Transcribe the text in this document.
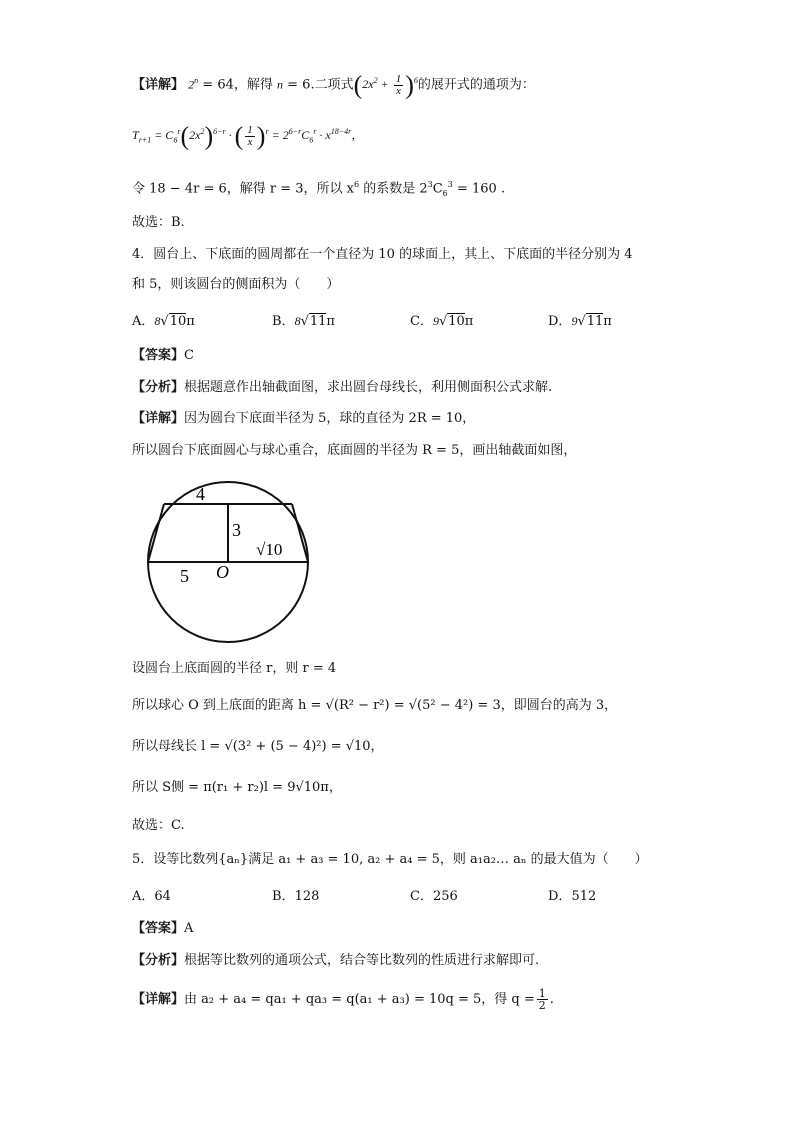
【详解】 $2^n = 64$，解得 n = 6.二项式$(2x^2 + \frac{1}{x} )^6$的展开式的通项为：
$T_{r+1} = C_6^r(2x^2)^{6-r}$ · ( $\frac{1}{x} )^r = 2^{6-r}C_6^r \cdot x^{18-4r}$，
令 18 − 4r = 6，解得 r = 3，所以 $x^6$ 的系数是 $2^3C_6^3 = 160$ .
故选：B.
4．圆台上、下底面的圆周都在一个直径为 10 的球面上，其上、下底面的半径分别为 4
和 5，则该圆台的侧面积为（　　）
A．8√10π	B．8√11π	C．9√10π	D．9√11π
【答案】C
【分析】根据题意作出轴截面图，求出圆台母线长，利用侧面积公式求解.
【详解】因为圆台下底面半径为 5，球的直径为 2R = 10，
所以圆台下底面圆心与球心重合，底面圆的半径为 R = 5，画出轴截面如图，
4
3
√10
5 O
设圆台上底面圆的半径 r，则 r = 4
所以球心 O 到上底面的距离 h = √(R² − r²) = √(5² − 4²) = 3，即圆台的高为 3，
所以母线长 l = √(3² + (5 − 4)²) = √10，
所以 S侧 = π(r₁ + r₂)l = 9√10π，
故选：C.
5．设等比数列{aₙ}满足 a₁ + a₃ = 10, a₂ + a₄ = 5，则 a₁a₂… aₙ 的最大值为（　　）
A．64	B．128	C．256	D．512
【答案】A
【分析】根据等比数列的通项公式，结合等比数列的性质进行求解即可.
【详解】由 a₂ + a₄ = qa₁ + qa₃ = q(a₁ + a₃) = 10q = 5，得 $q = \frac{1}{2}$ .
